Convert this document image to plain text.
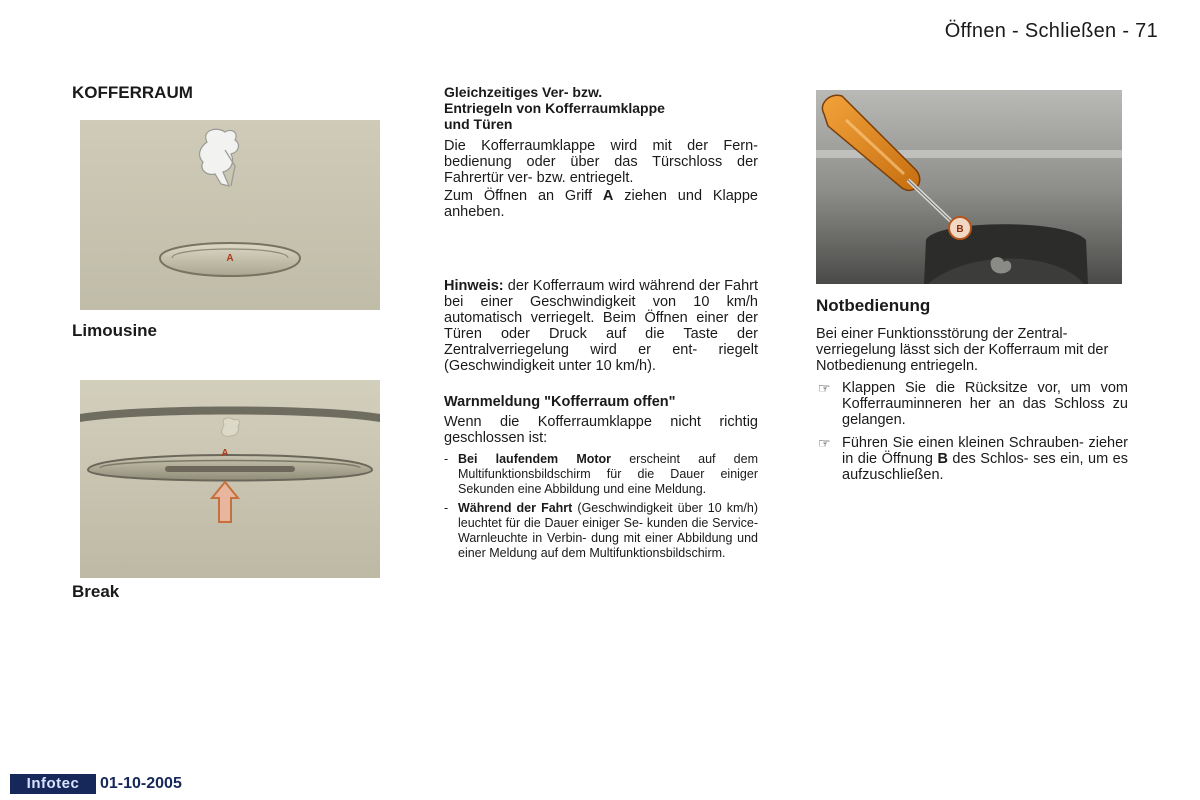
Öffnen - Schließen - 71
KOFFERRAUM
A
Limousine
A
Break
Gleichzeitiges Ver- bzw.
Entriegeln von Kofferraumklappe
und Türen

Die Kofferraumklappe wird mit der Fern- bedienung oder über das Türschloss der Fahrertür ver- bzw. entriegelt.

Zum Öffnen an Griff A ziehen und Klappe anheben.

Hinweis: der Kofferraum wird während der Fahrt bei einer Geschwindigkeit von 10 km/h automatisch verriegelt. Beim Öffnen einer der Türen oder Druck auf die Taste der Zentralverriegelung wird er ent- riegelt (Geschwindigkeit unter 10 km/h).

Warnmeldung "Kofferraum offen"

Wenn die Kofferraumklappe nicht richtig geschlossen ist:

- Bei laufendem Motor erscheint auf dem Multifunktionsbildschirm für die Dauer einiger Sekunden eine Abbildung und eine Meldung.
- Während der Fahrt (Geschwindigkeit über 10 km/h) leuchtet für die Dauer einiger Se- kunden die Service-Warnleuchte in Verbin- dung mit einer Abbildung und einer Meldung auf dem Multifunktionsbildschirm.
B
Notbedienung

Bei einer Funktionsstörung der Zentral- verriegelung lässt sich der Kofferraum mit der Notbedienung entriegeln.

☞ Klappen Sie die Rücksitze vor, um vom Kofferrauminneren her an das Schloss zu gelangen.
☞ Führen Sie einen kleinen Schrauben- zieher in die Öffnung B des Schlos- ses ein, um es aufzuschließen.
Infotec	01-10-2005
